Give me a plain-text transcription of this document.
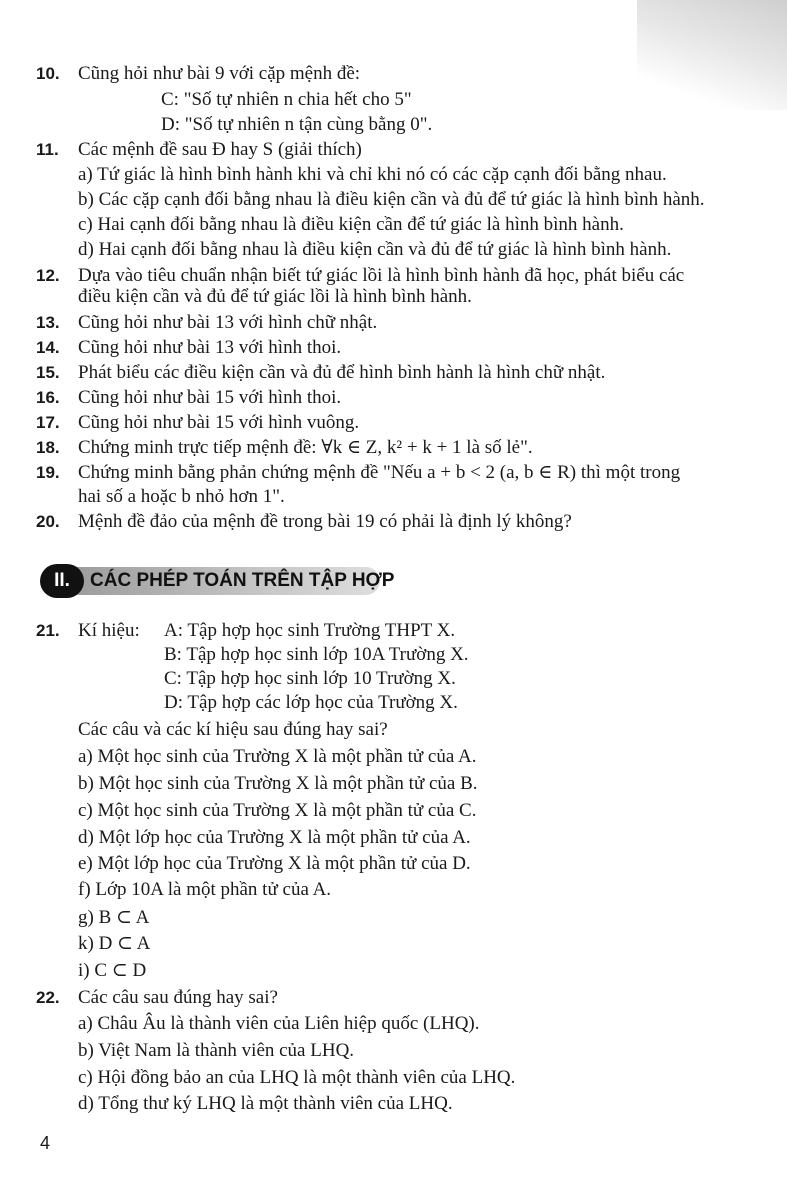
10. Cũng hỏi như bài 9 với cặp mệnh đề:
C: "Số tự nhiên n chia hết cho 5"
D: "Số tự nhiên n tận cùng bằng 0".
11. Các mệnh đề sau Đ hay S (giải thích)
a) Tứ giác là hình bình hành khi và chỉ khi nó có các cặp cạnh đối bằng nhau.
b) Các cặp cạnh đối bằng nhau là điều kiện cần và đủ để tứ giác là hình bình hành.
c) Hai cạnh đối bằng nhau là điều kiện cần để tứ giác là hình bình hành.
d) Hai cạnh đối bằng nhau là điều kiện cần và đủ để tứ giác là hình bình hành.
12. Dựa vào tiêu chuẩn nhận biết tứ giác lồi là hình bình hành đã học, phát biểu các
điều kiện cần và đủ để tứ giác lồi là hình bình hành.
13. Cũng hỏi như bài 13 với hình chữ nhật.
14. Cũng hỏi như bài 13 với hình thoi.
15. Phát biểu các điều kiện cần và đủ để hình bình hành là hình chữ nhật.
16. Cũng hỏi như bài 15 với hình thoi.
17. Cũng hỏi như bài 15 với hình vuông.
18. Chứng minh trực tiếp mệnh đề: ∀k ∈ Z, k² + k + 1 là số lẻ".
19. Chứng minh bằng phản chứng mệnh đề "Nếu a + b < 2 (a, b ∈ R) thì một trong
hai số a hoặc b nhỏ hơn 1".
20. Mệnh đề đảo của mệnh đề trong bài 19 có phải là định lý không?
II.	CÁC PHÉP TOÁN TRÊN TẬP HỢP
21. Kí hiệu: A: Tập hợp học sinh Trường THPT X.
B: Tập hợp học sinh lớp 10A Trường X.
C: Tập hợp học sinh lớp 10 Trường X.
D: Tập hợp các lớp học của Trường X.
Các câu và các kí hiệu sau đúng hay sai?
a) Một học sinh của Trường X là một phần tử của A.
b) Một học sinh của Trường X là một phần tử của B.
c) Một học sinh của Trường X là một phần tử của C.
d) Một lớp học của Trường X là một phần tử của A.
e) Một lớp học của Trường X là một phần tử của D.
f) Lớp 10A là một phần tử của A.
g) B ⊂ A
k) D ⊂ A
i) C ⊂ D
22. Các câu sau đúng hay sai?
a) Châu Âu là thành viên của Liên hiệp quốc (LHQ).
b) Việt Nam là thành viên của LHQ.
c) Hội đồng bảo an của LHQ là một thành viên của LHQ.
d) Tổng thư ký LHQ là một thành viên của LHQ.
4
